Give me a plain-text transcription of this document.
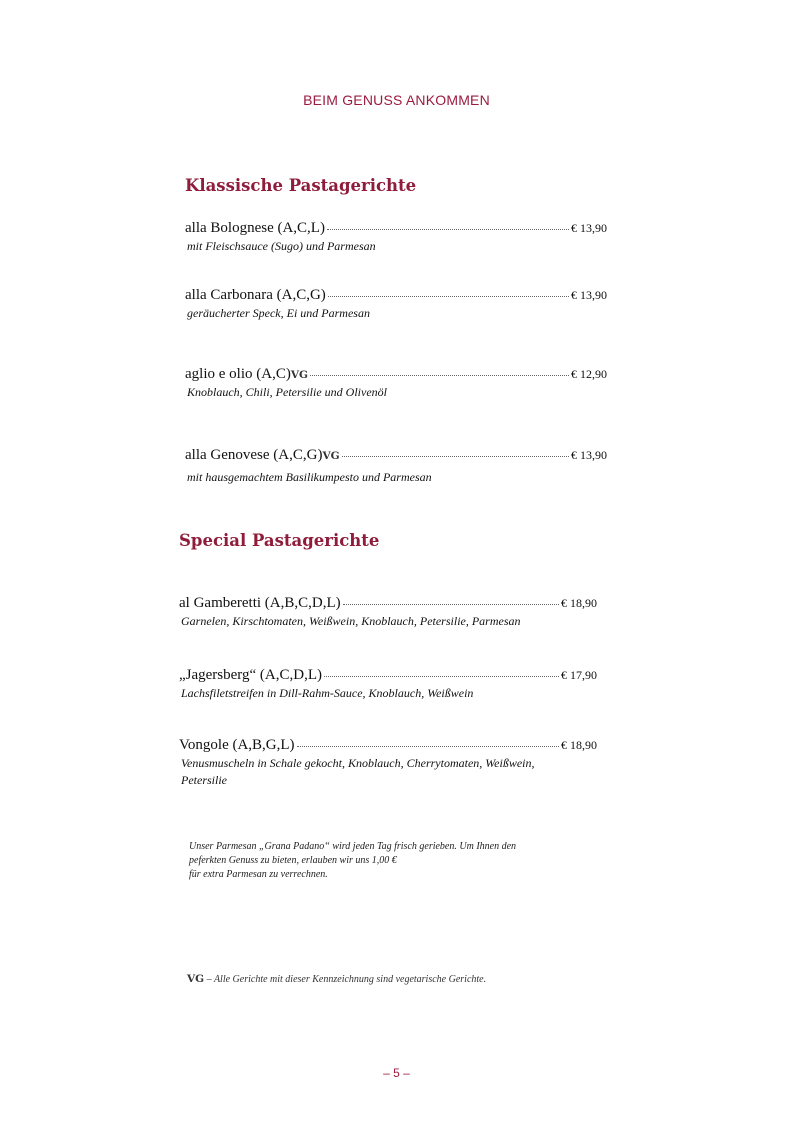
BEIM GENUSS ANKOMMEN
Klassische Pastagerichte
alla Bolognese (A,C,L)	€ 13,90
mit Fleischsauce (Sugo) und Parmesan
alla Carbonara (A,C,G)	€ 13,90
geräucherter Speck, Ei und Parmesan
aglio e olio (A,C) VG	€ 12,90
Knoblauch, Chili, Petersilie und Olivenöl
alla Genovese (A,C,G) VG	€ 13,90
mit hausgemachtem Basilikumpesto und Parmesan
Special Pastagerichte
al Gamberetti (A,B,C,D,L)	€ 18,90
Garnelen, Kirschtomaten, Weißwein, Knoblauch, Petersilie, Parmesan
„Jagersberg“ (A,C,D,L)	€ 17,90
Lachsfiletstreifen in Dill-Rahm-Sauce, Knoblauch, Weißwein
Vongole (A,B,G,L)	€ 18,90
Venusmuscheln in Schale gekocht, Knoblauch, Cherrytomaten, Weißwein, Petersilie
Unser Parmesan „Grana Padano“ wird jeden Tag frisch gerieben. Um Ihnen den
peferkten Genuss zu bieten, erlauben wir uns 1,00 €
für extra Parmesan zu verrechnen.
VG – Alle Gerichte mit dieser Kennzeichnung sind vegetarische Gerichte.
– 5 –
